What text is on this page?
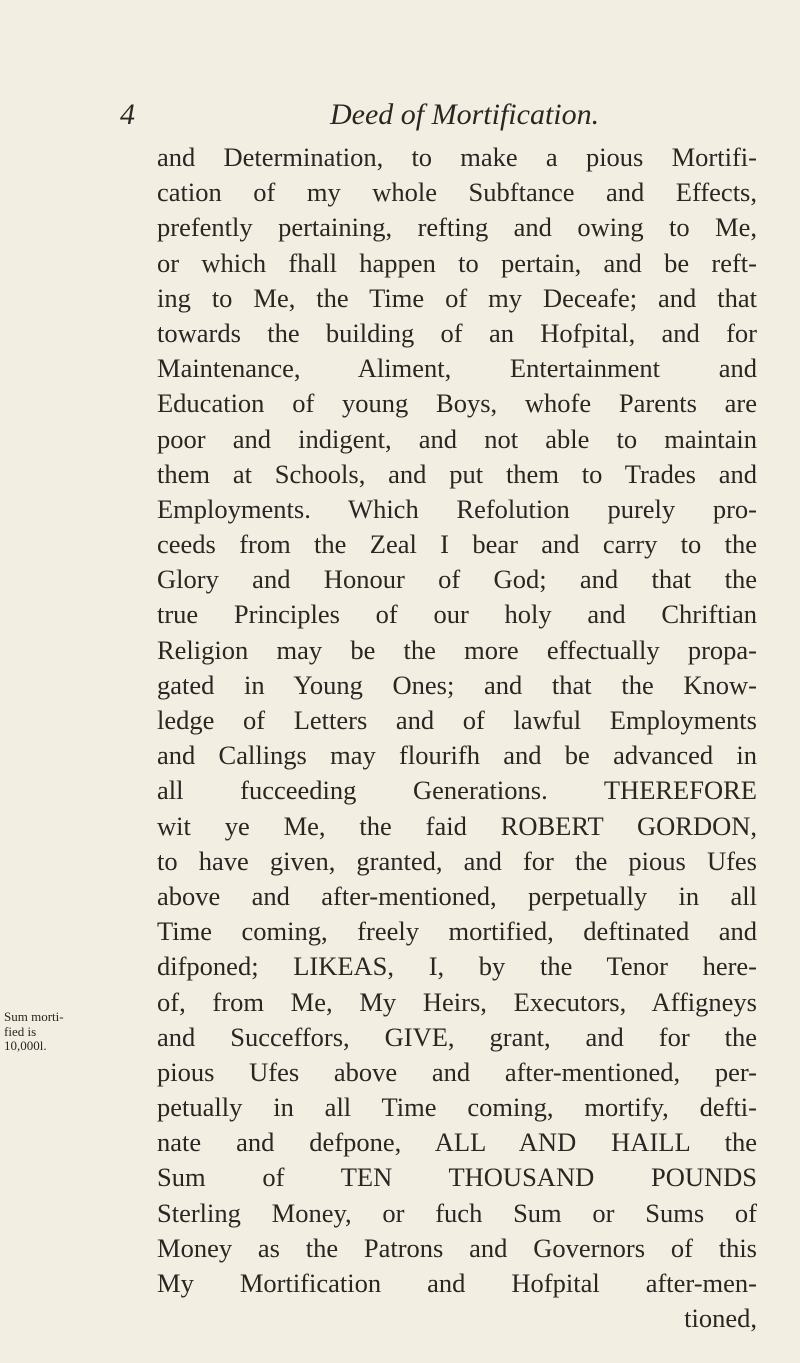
4	Deed of Mortification.
Sum morti-
fied is
10,000l.
and Determination, to make a pious Mortifi-
cation of my whole Subftance and Effects,
prefently pertaining, refting and owing to Me,
or which fhall happen to pertain, and be reft-
ing to Me, the Time of my Deceafe; and that
towards the building of an Hofpital, and for
Maintenance, Aliment, Entertainment and
Education of young Boys, whofe Parents are
poor and indigent, and not able to maintain
them at Schools, and put them to Trades and
Employments. Which Refolution purely pro-
ceeds from the Zeal I bear and carry to the
Glory and Honour of God; and that the
true Principles of our holy and Chriftian
Religion may be the more effectually propa-
gated in Young Ones; and that the Know-
ledge of Letters and of lawful Employments
and Callings may flourifh and be advanced in
all fucceeding Generations. THEREFORE
wit ye Me, the faid ROBERT GORDON,
to have given, granted, and for the pious Ufes
above and after-mentioned, perpetually in all
Time coming, freely mortified, deftinated and
difponed; LIKEAS, I, by the Tenor here-
of, from Me, My Heirs, Executors, Affigneys
and Succeffors, GIVE, grant, and for the
pious Ufes above and after-mentioned, per-
petually in all Time coming, mortify, defti-
nate and defpone, ALL AND HAILL the
Sum of TEN THOUSAND POUNDS
Sterling Money, or fuch Sum or Sums of
Money as the Patrons and Governors of this
My Mortification and Hofpital after-men-
tioned,
